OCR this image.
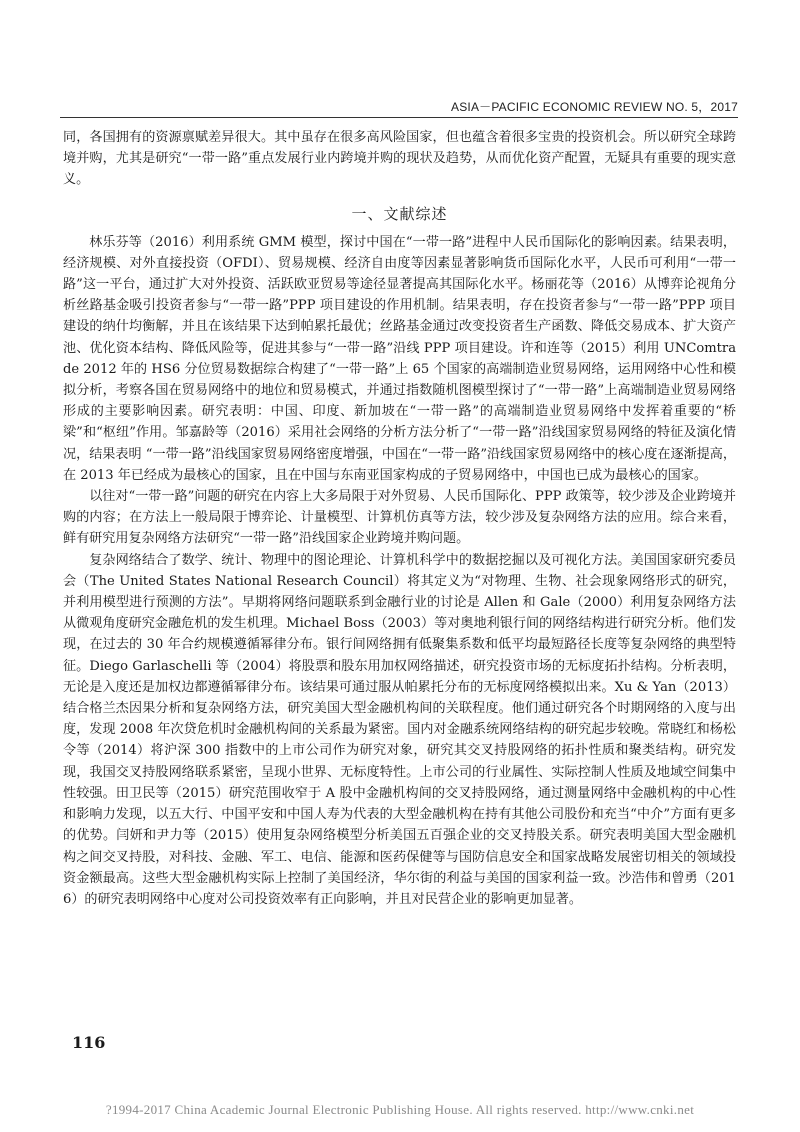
ASIA－PACIFIC ECONOMIC REVIEW NO. 5，2017

同，各国拥有的资源禀赋差异很大。其中虽存在很多高风险国家，但也蕴含着很多宝贵的投资机会。所以研究全球跨境并购，尤其是研究“一带一路”重点发展行业内跨境并购的现状及趋势，从而优化资产配置，无疑具有重要的现实意义。

一、文献综述

林乐芬等（2016）利用系统 GMM 模型，探讨中国在“一带一路”进程中人民币国际化的影响因素。结果表明，经济规模、对外直接投资（OFDI）、贸易规模、经济自由度等因素显著影响货币国际化水平，人民币可利用“一带一路”这一平台，通过扩大对外投资、活跃欧亚贸易等途径显著提高其国际化水平。杨丽花等（2016）从博弈论视角分析丝路基金吸引投资者参与“一带一路”PPP 项目建设的作用机制。结果表明，存在投资者参与“一带一路”PPP 项目建设的纳什均衡解，并且在该结果下达到帕累托最优；丝路基金通过改变投资者生产函数、降低交易成本、扩大资产池、优化资本结构、降低风险等，促进其参与“一带一路”沿线 PPP 项目建设。许和连等（2015）利用 UNComtrade 2012 年的 HS6 分位贸易数据综合构建了“一带一路”上 65 个国家的高端制造业贸易网络，运用网络中心性和模拟分析，考察各国在贸易网络中的地位和贸易模式，并通过指数随机图模型探讨了“一带一路”上高端制造业贸易网络形成的主要影响因素。研究表明：中国、印度、新加坡在“一带一路”的高端制造业贸易网络中发挥着重要的“桥梁”和“枢纽”作用。邹嘉龄等（2016）采用社会网络的分析方法分析了“一带一路”沿线国家贸易网络的特征及演化情况，结果表明 “一带一路”沿线国家贸易网络密度增强，中国在“一带一路”沿线国家贸易网络中的核心度在逐渐提高，在 2013 年已经成为最核心的国家，且在中国与东南亚国家构成的子贸易网络中，中国也已成为最核心的国家。

以往对“一带一路”问题的研究在内容上大多局限于对外贸易、人民币国际化、PPP 政策等，较少涉及企业跨境并购的内容；在方法上一般局限于博弈论、计量模型、计算机仿真等方法，较少涉及复杂网络方法的应用。综合来看，鲜有研究用复杂网络方法研究“一带一路”沿线国家企业跨境并购问题。

复杂网络结合了数学、统计、物理中的图论理论、计算机科学中的数据挖掘以及可视化方法。美国国家研究委员会（The United States National Research Council）将其定义为“对物理、生物、社会现象网络形式的研究，并利用模型进行预测的方法”。早期将网络问题联系到金融行业的讨论是 Allen 和 Gale（2000）利用复杂网络方法从微观角度研究金融危机的发生机理。Michael Boss（2003）等对奥地利银行间的网络结构进行研究分析。他们发现，在过去的 30 年合约规模遵循幂律分布。银行间网络拥有低聚集系数和低平均最短路径长度等复杂网络的典型特征。Diego Garlaschelli 等（2004）将股票和股东用加权网络描述，研究投资市场的无标度拓扑结构。分析表明，无论是入度还是加权边都遵循幂律分布。该结果可通过服从帕累托分布的无标度网络模拟出来。Xu & Yan（2013）结合格兰杰因果分析和复杂网络方法，研究美国大型金融机构间的关联程度。他们通过研究各个时期网络的入度与出度，发现 2008 年次贷危机时金融机构间的关系最为紧密。国内对金融系统网络结构的研究起步较晚。常晓红和杨松令等（2014）将沪深 300 指数中的上市公司作为研究对象，研究其交叉持股网络的拓扑性质和聚类结构。研究发现，我国交叉持股网络联系紧密，呈现小世界、无标度特性。上市公司的行业属性、实际控制人性质及地域空间集中性较强。田卫民等（2015）研究范围收窄于 A 股中金融机构间的交叉持股网络，通过测量网络中金融机构的中心性和影响力发现，以五大行、中国平安和中国人寿为代表的大型金融机构在持有其他公司股份和充当“中介”方面有更多的优势。闫妍和尹力等（2015）使用复杂网络模型分析美国五百强企业的交叉持股关系。研究表明美国大型金融机构之间交叉持股，对科技、金融、军工、电信、能源和医药保健等与国防信息安全和国家战略发展密切相关的领域投资金额最高。这些大型金融机构实际上控制了美国经济，华尔街的利益与美国的国家利益一致。沙浩伟和曾勇（2016）的研究表明网络中心度对公司投资效率有正向影响，并且对民营企业的影响更加显著。

116
?1994-2017 China Academic Journal Electronic Publishing House. All rights reserved. http://www.cnki.net
